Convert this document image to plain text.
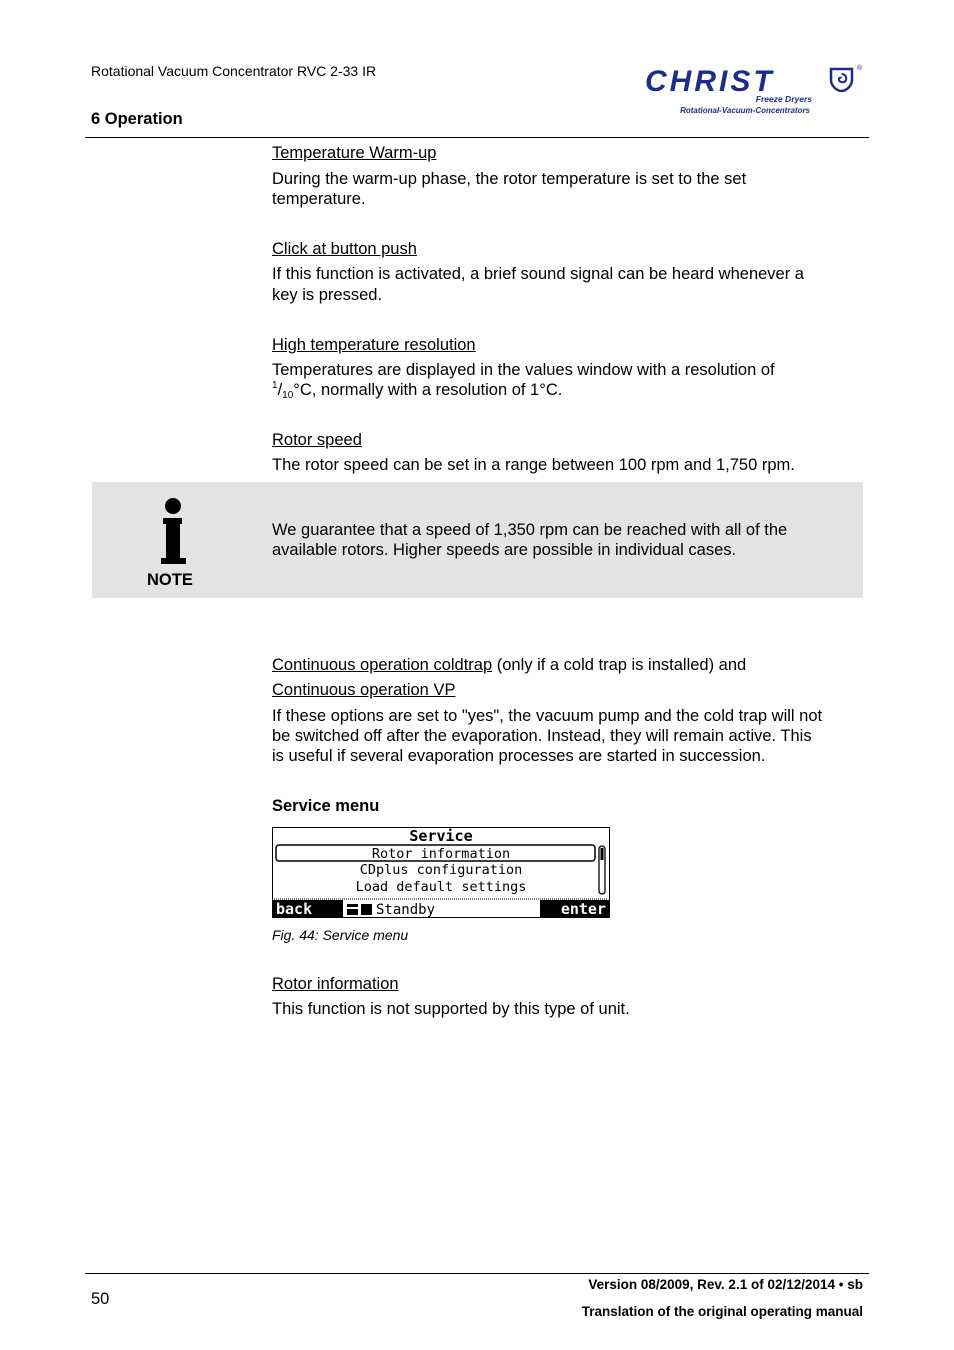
Rotational Vacuum Concentrator RVC 2-33 IR
6 Operation
CHRIST
Freeze Dryers
Rotational-Vacuum-Concentrators
®
Temperature Warm-up
During the warm-up phase, the rotor temperature is set to the set
temperature.
Click at button push
If this function is activated, a brief sound signal can be heard whenever a
key is pressed.
High temperature resolution
Temperatures are displayed in the values window with a resolution of
$^1$/10°C, normally with a resolution of 1°C.
Rotor speed
The rotor speed can be set in a range between 100 rpm and 1,750 rpm.
NOTE
We guarantee that a speed of 1,350 rpm can be reached with all of the
available rotors. Higher speeds are possible in individual cases.
Continuous operation coldtrap (only if a cold trap is installed) and
Continuous operation VP
If these options are set to "yes", the vacuum pump and the cold trap will not
be switched off after the evaporation. Instead, they will remain active. This
is useful if several evaporation processes are started in succession.
Service menu
Service
Rotor information
CDplus configuration
Load default settings
back	Standby	enter
Fig. 44: Service menu
Rotor information
This function is not supported by this type of unit.
50
Version 08/2009, Rev. 2.1 of 02/12/2014 • sb
Translation of the original operating manual
